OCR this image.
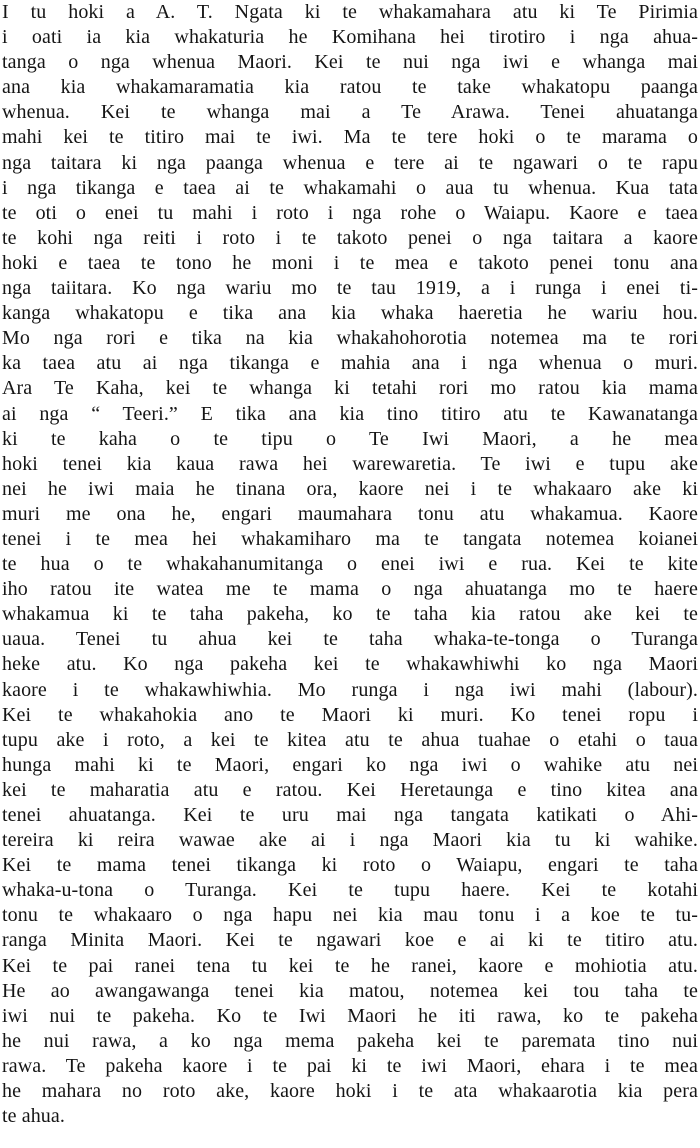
I tu hoki a A. T. Ngata ki te whakamahara atu ki Te Pirimia
i oati ia kia whakaturia he Komihana hei tirotiro i nga ahua-
tanga o nga whenua Maori. Kei te nui nga iwi e whanga mai
ana kia whakamaramatia kia ratou te take whakatopu paanga
whenua. Kei te whanga mai a Te Arawa. Tenei ahuatanga
mahi kei te titiro mai te iwi. Ma te tere hoki o te marama o
nga taitara ki nga paanga whenua e tere ai te ngawari o te rapu
i nga tikanga e taea ai te whakamahi o aua tu whenua. Kua tata
te oti o enei tu mahi i roto i nga rohe o Waiapu. Kaore e taea
te kohi nga reiti i roto i te takoto penei o nga taitara a kaore
hoki e taea te tono he moni i te mea e takoto penei tonu ana
nga taiitara. Ko nga wariu mo te tau 1919, a i runga i enei ti-
kanga whakatopu e tika ana kia whaka haeretia he wariu hou.
Mo nga rori e tika na kia whakahohorotia notemea ma te rori
ka taea atu ai nga tikanga e mahia ana i nga whenua o muri.
Ara Te Kaha, kei te whanga ki tetahi rori mo ratou kia mama
ai nga “ Teeri.” E tika ana kia tino titiro atu te Kawanatanga
ki te kaha o te tipu o Te Iwi Maori, a he mea
hoki tenei kia kaua rawa hei warewaretia. Te iwi e tupu ake
nei he iwi maia he tinana ora, kaore nei i te whakaaro ake ki
muri me ona he, engari maumahara tonu atu whakamua. Kaore
tenei i te mea hei whakamiharo ma te tangata notemea koianei
te hua o te whakahanumitanga o enei iwi e rua. Kei te kite
iho ratou ite watea me te mama o nga ahuatanga mo te haere
whakamua ki te taha pakeha, ko te taha kia ratou ake kei te
uaua. Tenei tu ahua kei te taha whaka-te-tonga o Turanga
heke atu. Ko nga pakeha kei te whakawhiwhi ko nga Maori
kaore i te whakawhiwhia. Mo runga i nga iwi mahi (labour).
Kei te whakahokia ano te Maori ki muri. Ko tenei ropu i
tupu ake i roto, a kei te kitea atu te ahua tuahae o etahi o taua
hunga mahi ki te Maori, engari ko nga iwi o wahike atu nei
kei te maharatia atu e ratou. Kei Heretaunga e tino kitea ana
tenei ahuatanga. Kei te uru mai nga tangata katikati o Ahi-
tereira ki reira wawae ake ai i nga Maori kia tu ki wahike.
Kei te mama tenei tikanga ki roto o Waiapu, engari te taha
whaka-u-tona o Turanga. Kei te tupu haere. Kei te kotahi
tonu te whakaaro o nga hapu nei kia mau tonu i a koe te tu-
ranga Minita Maori. Kei te ngawari koe e ai ki te titiro atu.
Kei te pai ranei tena tu kei te he ranei, kaore e mohiotia atu.
He ao awangawanga tenei kia matou, notemea kei tou taha te
iwi nui te pakeha. Ko te Iwi Maori he iti rawa, ko te pakeha
he nui rawa, a ko nga mema pakeha kei te paremata tino nui
rawa. Te pakeha kaore i te pai ki te iwi Maori, ehara i te mea
he mahara no roto ake, kaore hoki i te ata whakaarotia kia pera
te ahua.
